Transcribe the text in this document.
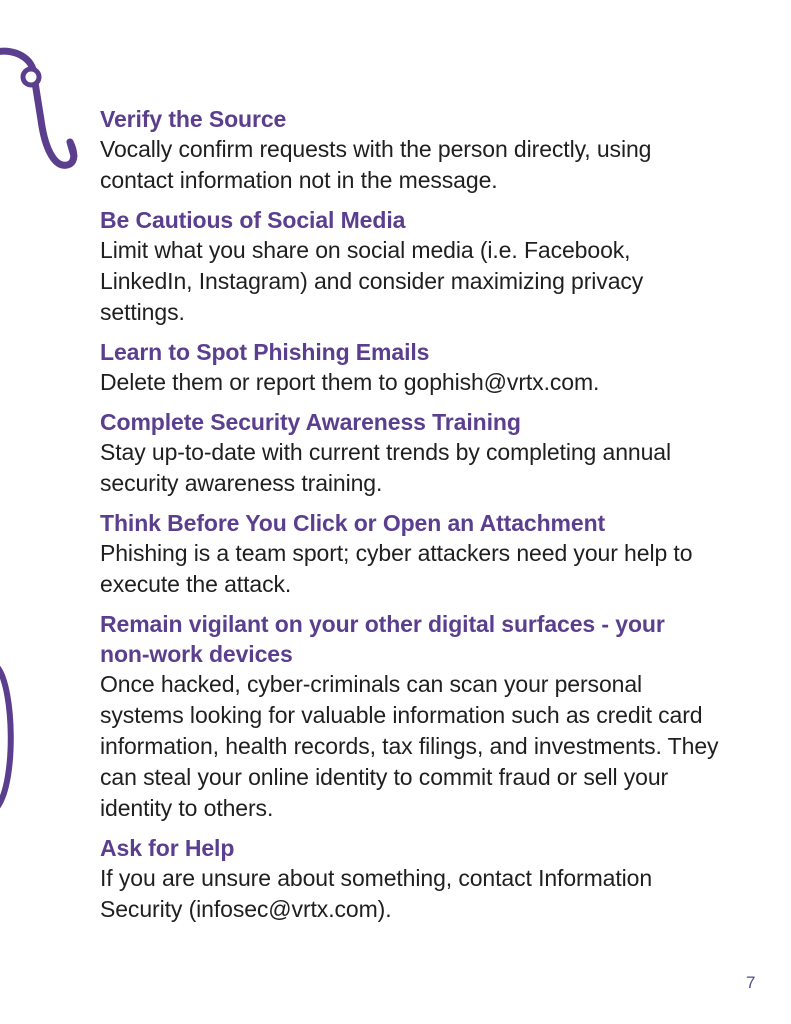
Verify the Source
Vocally confirm requests with the person directly, using contact information not in the message.
Be Cautious of Social Media
Limit what you share on social media (i.e. Facebook, LinkedIn, Instagram) and consider maximizing privacy settings.
Learn to Spot Phishing Emails
Delete them or report them to gophish@vrtx.com.
Complete Security Awareness Training
Stay up-to-date with current trends by completing annual security awareness training.
Think Before You Click or Open an Attachment
Phishing is a team sport; cyber attackers need your help to execute the attack.
Remain vigilant on your other digital surfaces - your non-work devices
Once hacked, cyber-criminals can scan your personal systems looking for valuable information such as credit card information, health records, tax filings, and investments. They can steal your online identity to commit fraud or sell your identity to others.
Ask for Help
If you are unsure about something, contact Information Security (infosec@vrtx.com).
7
